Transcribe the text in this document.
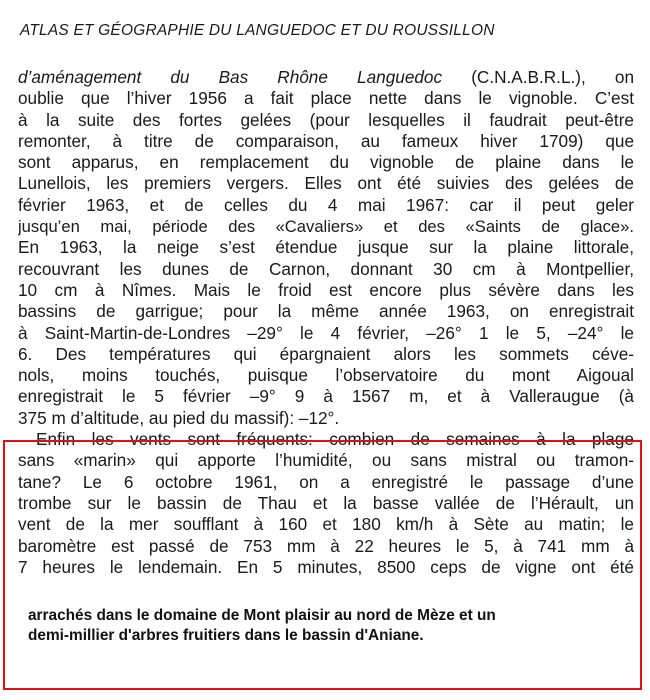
ATLAS ET GÉOGRAPHIE DU LANGUEDOC ET DU ROUSSILLON
d’aménagement du Bas Rhône Languedoc (C.N.A.B.R.L.), on
oublie que l’hiver 1956 a fait place nette dans le vignoble. C’est
à la suite des fortes gelées (pour lesquelles il faudrait peut-être
remonter, à titre de comparaison, au fameux hiver 1709) que
sont apparus, en remplacement du vignoble de plaine dans le
Lunellois, les premiers vergers. Elles ont été suivies des gelées de
février 1963, et de celles du 4 mai 1967: car il peut geler
jusqu’en mai, période des «Cavaliers» et des «Saints de glace».
En 1963, la neige s’est étendue jusque sur la plaine littorale,
recouvrant les dunes de Carnon, donnant 30 cm à Montpellier,
10 cm à Nîmes. Mais le froid est encore plus sévère dans les
bassins de garrigue; pour la même année 1963, on enregistrait
à Saint-Martin-de-Londres –29° le 4 février, –26° 1 le 5, –24° le
6. Des températures qui épargnaient alors les sommets céve-
nols, moins touchés, puisque l’observatoire du mont Aigoual
enregistrait le 5 février –9° 9 à 1567 m, et à Valleraugue (à
375 m d’altitude, au pied du massif): –12°.
Enfin les vents sont fréquents: combien de semaines à la plage
sans «marin» qui apporte l’humidité, ou sans mistral ou tramon-
tane? Le 6 octobre 1961, on a enregistré le passage d’une
trombe sur le bassin de Thau et la basse vallée de l’Hérault, un
vent de la mer soufflant à 160 et 180 km/h à Sète au matin; le
baromètre est passé de 753 mm à 22 heures le 5, à 741 mm à
7 heures le lendemain. En 5 minutes, 8500 ceps de vigne ont été
arrachés dans le domaine de Mont plaisir au nord de Mèze et un
demi-millier d'arbres fruitiers dans le bassin d'Aniane.
